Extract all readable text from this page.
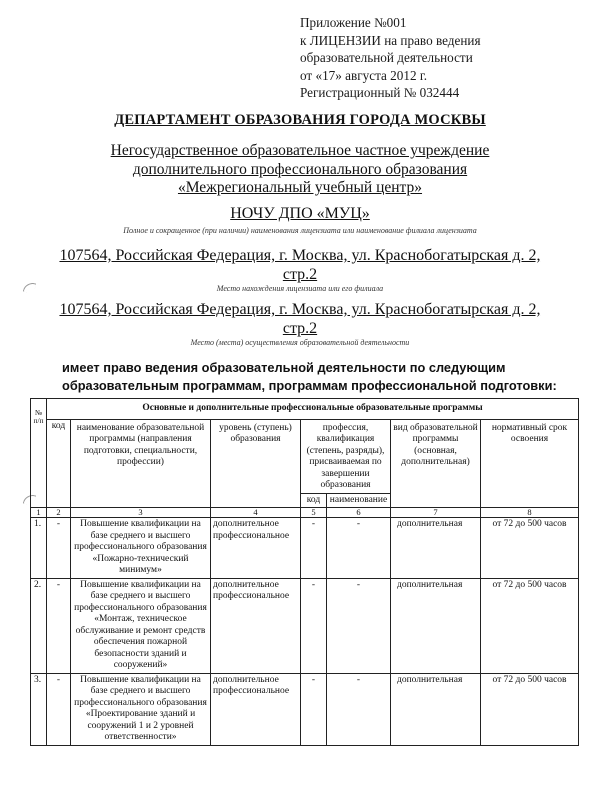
Приложение №001
к ЛИЦЕНЗИИ на право ведения
образовательной деятельности
от «17» августа 2012 г.
Регистрационный № 032444
ДЕПАРТАМЕНТ ОБРАЗОВАНИЯ ГОРОДА МОСКВЫ
Негосударственное образовательное частное учреждение
дополнительного профессионального образования
«Межрегиональный учебный центр»
НОЧУ ДПО «МУЦ»
Полное и сокращенное (при наличии) наименования лицензиата или наименование филиала лицензиата
107564, Российская Федерация, г. Москва, ул. Краснобогатырская д. 2,
стр.2
Место нахождения лицензиата или его филиала
107564, Российская Федерация, г. Москва, ул. Краснобогатырская д. 2,
стр.2
Место (места) осуществления образовательной деятельности
имеет право ведения образовательной деятельности по следующим
образовательным программам, программам профессиональной подготовки:
№ п/п	Основные и дополнительные профессиональные образовательные программы						
	код	наименование образовательной программы (направления подготовки, специальности, профессии)	уровень (ступень) образования	профессия, квалификация (степень, разряды), присваиваемая по завершении образования		вид образовательной программы (основная, дополнительная)	нормативный срок освоения
				код	наименование		
1	2	3	4	5	6	7	8
1.	-	Повышение квалификации на базе среднего и высшего профессионального образования «Пожарно-технический минимум»	дополнительное профессиональное	-	-	дополнительная	от 72 до 500 часов
2.	-	Повышение квалификации на базе среднего и высшего профессионального образования «Монтаж, техническое обслуживание и ремонт средств обеспечения пожарной безопасности зданий и сооружений»	дополнительное профессиональное	-	-	дополнительная	от 72 до 500 часов
3.	-	Повышение квалификации на базе среднего и высшего профессионального образования «Проектирование зданий и сооружений 1 и 2 уровней ответственности»	дополнительное профессиональное	-	-	дополнительная	от 72 до 500 часов
